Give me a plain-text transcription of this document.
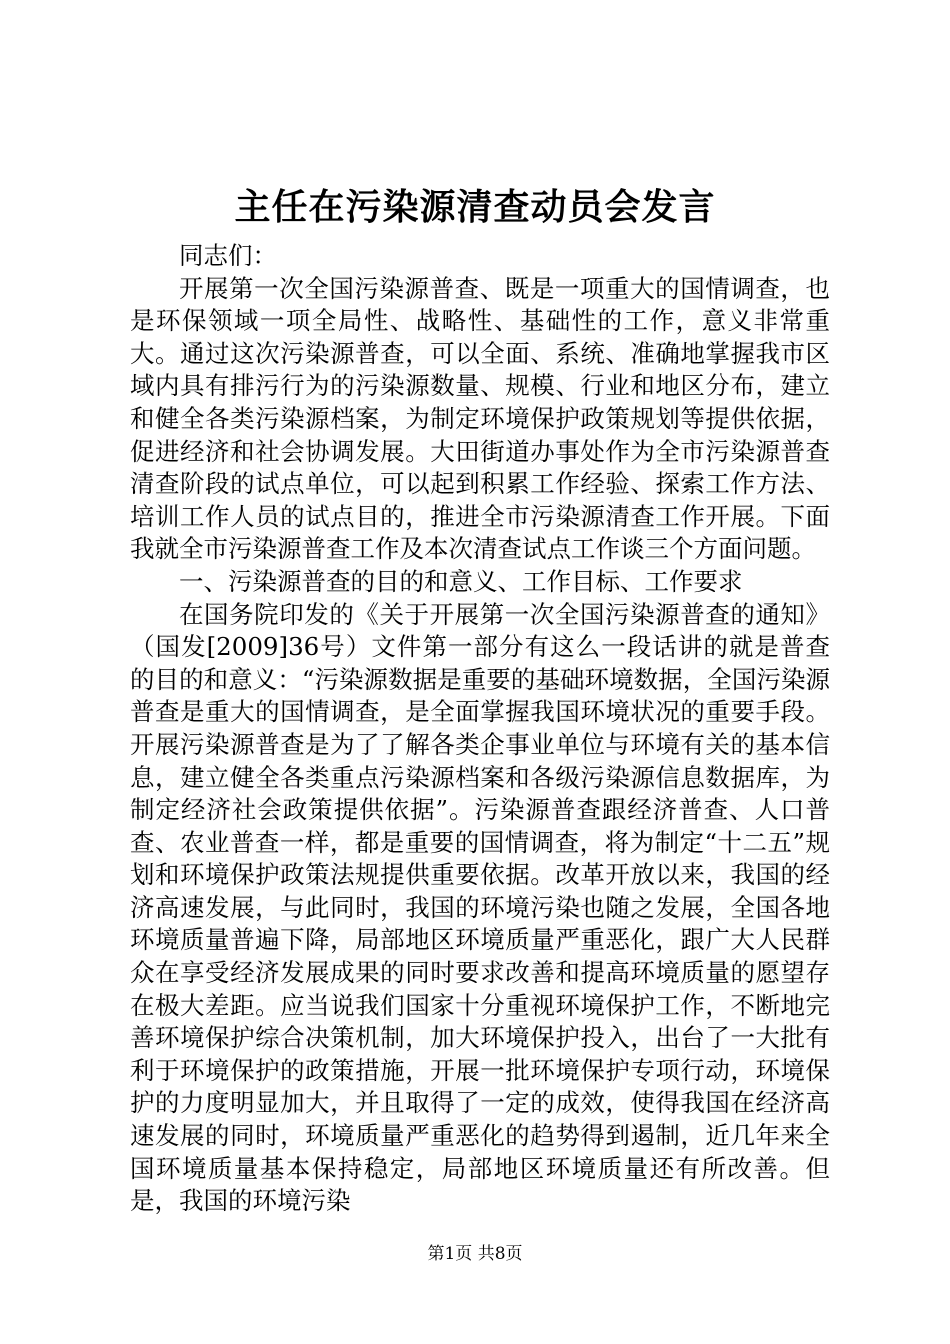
主任在污染源清查动员会发言

同志们：

开展第一次全国污染源普查、既是一项重大的国情调查，也是环保领域一项全局性、战略性、基础性的工作，意义非常重大。通过这次污染源普查，可以全面、系统、准确地掌握我市区域内具有排污行为的污染源数量、规模、行业和地区分布，建立和健全各类污染源档案，为制定环境保护政策规划等提供依据，促进经济和社会协调发展。大田街道办事处作为全市污染源普查清查阶段的试点单位，可以起到积累工作经验、探索工作方法、培训工作人员的试点目的，推进全市污染源清查工作开展。下面我就全市污染源普查工作及本次清查试点工作谈三个方面问题。

一、污染源普查的目的和意义、工作目标、工作要求

在国务院印发的《关于开展第一次全国污染源普查的通知》（国发[2009]36号）文件第一部分有这么一段话讲的就是普查的目的和意义：“污染源数据是重要的基础环境数据，全国污染源普查是重大的国情调查，是全面掌握我国环境状况的重要手段。开展污染源普查是为了了解各类企事业单位与环境有关的基本信息，建立健全各类重点污染源档案和各级污染源信息数据库，为制定经济社会政策提供依据”。污染源普查跟经济普查、人口普查、农业普查一样，都是重要的国情调查，将为制定“十二五”规划和环境保护政策法规提供重要依据。改革开放以来，我国的经济高速发展，与此同时，我国的环境污染也随之发展，全国各地环境质量普遍下降，局部地区环境质量严重恶化，跟广大人民群众在享受经济发展成果的同时要求改善和提高环境质量的愿望存在极大差距。应当说我们国家十分重视环境保护工作，不断地完善环境保护综合决策机制，加大环境保护投入，出台了一大批有利于环境保护的政策措施，开展一批环境保护专项行动，环境保护的力度明显加大，并且取得了一定的成效，使得我国在经济高速发展的同时，环境质量严重恶化的趋势得到遏制，近几年来全国环境质量基本保持稳定，局部地区环境质量还有所改善。但是，我国的环境污染

第1页 共8页
